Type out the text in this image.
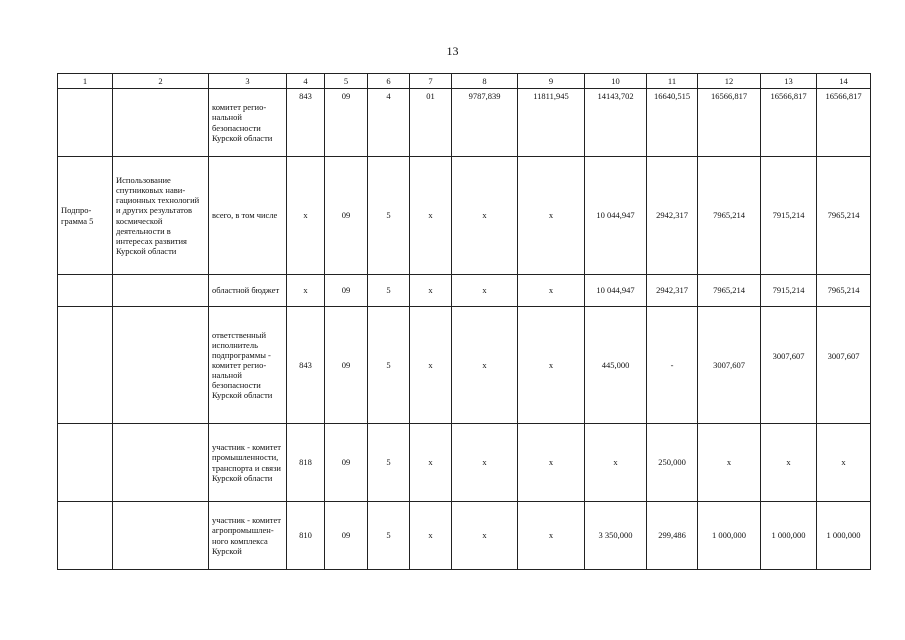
13
1	2	3	4	5	6	7	8	9	10	11	12	13	14
		комитет региональной безопасности Курской области	843	09	4	01	9787,839	11811,945	14143,702	16640,515	16566,817	16566,817	16566,817
Подпрограмма 5	Использование спутниковых навигационных технологий и других результатов космической деятельности в интересах развития Курской области	всего, в том числе	х	09	5	х	х	х	10 044,947	2942,317	7965,214	7915,214	7965,214
		областной бюджет	х	09	5	х	х	х	10 044,947	2942,317	7965,214	7915,214	7965,214
		ответственный исполнитель подпрограммы - комитет региональной безопасности Курской области	843	09	5	х	х	х	445,000	-	3007,607	3007,607	3007,607
		участник - комитет промышленности, транспорта и связи Курской области	818	09	5	х	х	х	х	250,000	х	х	х
		участник - комитет агропромышленного комплекса Курской	810	09	5	х	х	х	3 350,000	299,486	1 000,000	1 000,000	1 000,000
